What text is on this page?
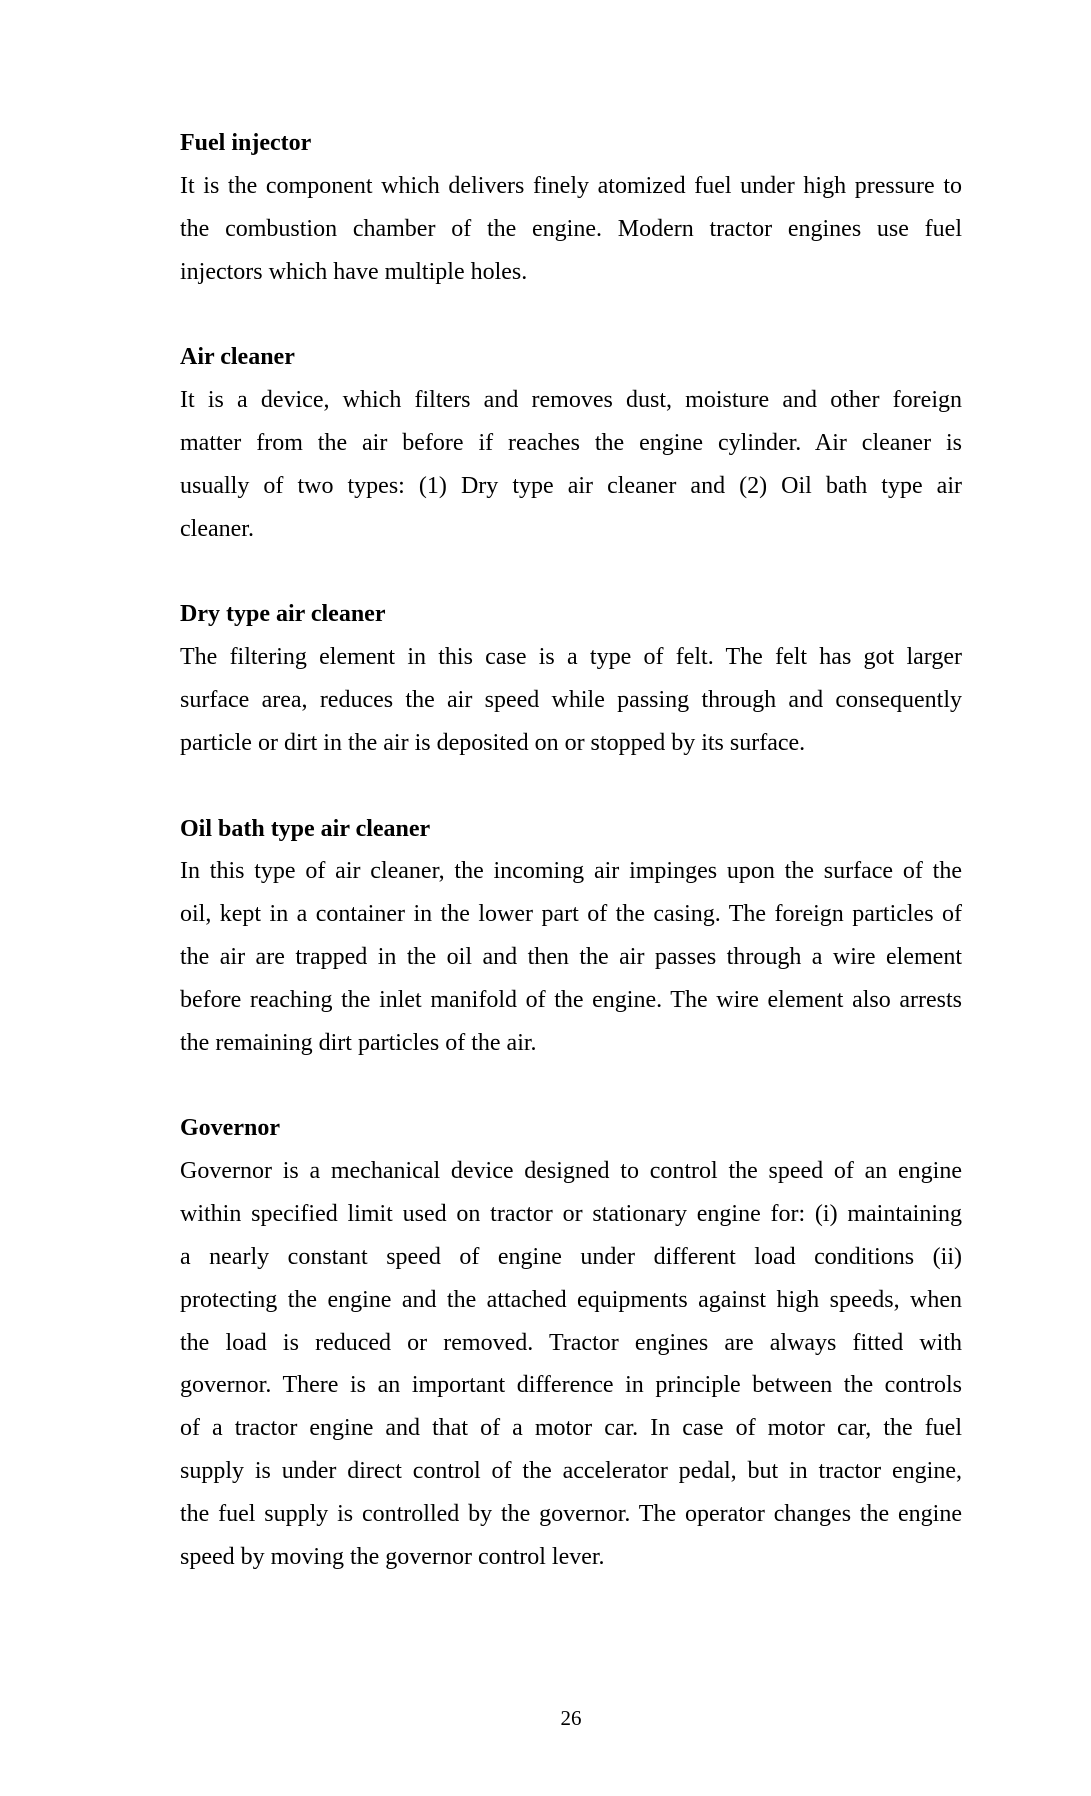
Fuel injector
It is the component which delivers finely atomized fuel under high pressure to
the combustion chamber of the engine. Modern tractor engines use fuel
injectors which have multiple holes.
Air cleaner
It is a device, which filters and removes dust, moisture and other foreign
matter from the air before if reaches the engine cylinder. Air cleaner is
usually of two types: (1) Dry type air cleaner and (2) Oil bath type air
cleaner.
Dry type air cleaner
The filtering element in this case is a type of felt. The felt has got larger
surface area, reduces the air speed while passing through and consequently
particle or dirt in the air is deposited on or stopped by its surface.
Oil bath type air cleaner
In this type of air cleaner, the incoming air impinges upon the surface of the
oil, kept in a container in the lower part of the casing. The foreign particles of
the air are trapped in the oil and then the air passes through a wire element
before reaching the inlet manifold of the engine. The wire element also arrests
the remaining dirt particles of the air.
Governor
Governor is a mechanical device designed to control the speed of an engine
within specified limit used on tractor or stationary engine for: (i) maintaining
a nearly constant speed of engine under different load conditions (ii)
protecting the engine and the attached equipments against high speeds, when
the load is reduced or removed. Tractor engines are always fitted with
governor. There is an important difference in principle between the controls
of a tractor engine and that of a motor car. In case of motor car, the fuel
supply is under direct control of the accelerator pedal, but in tractor engine,
the fuel supply is controlled by the governor. The operator changes the engine
speed by moving the governor control lever.
26
